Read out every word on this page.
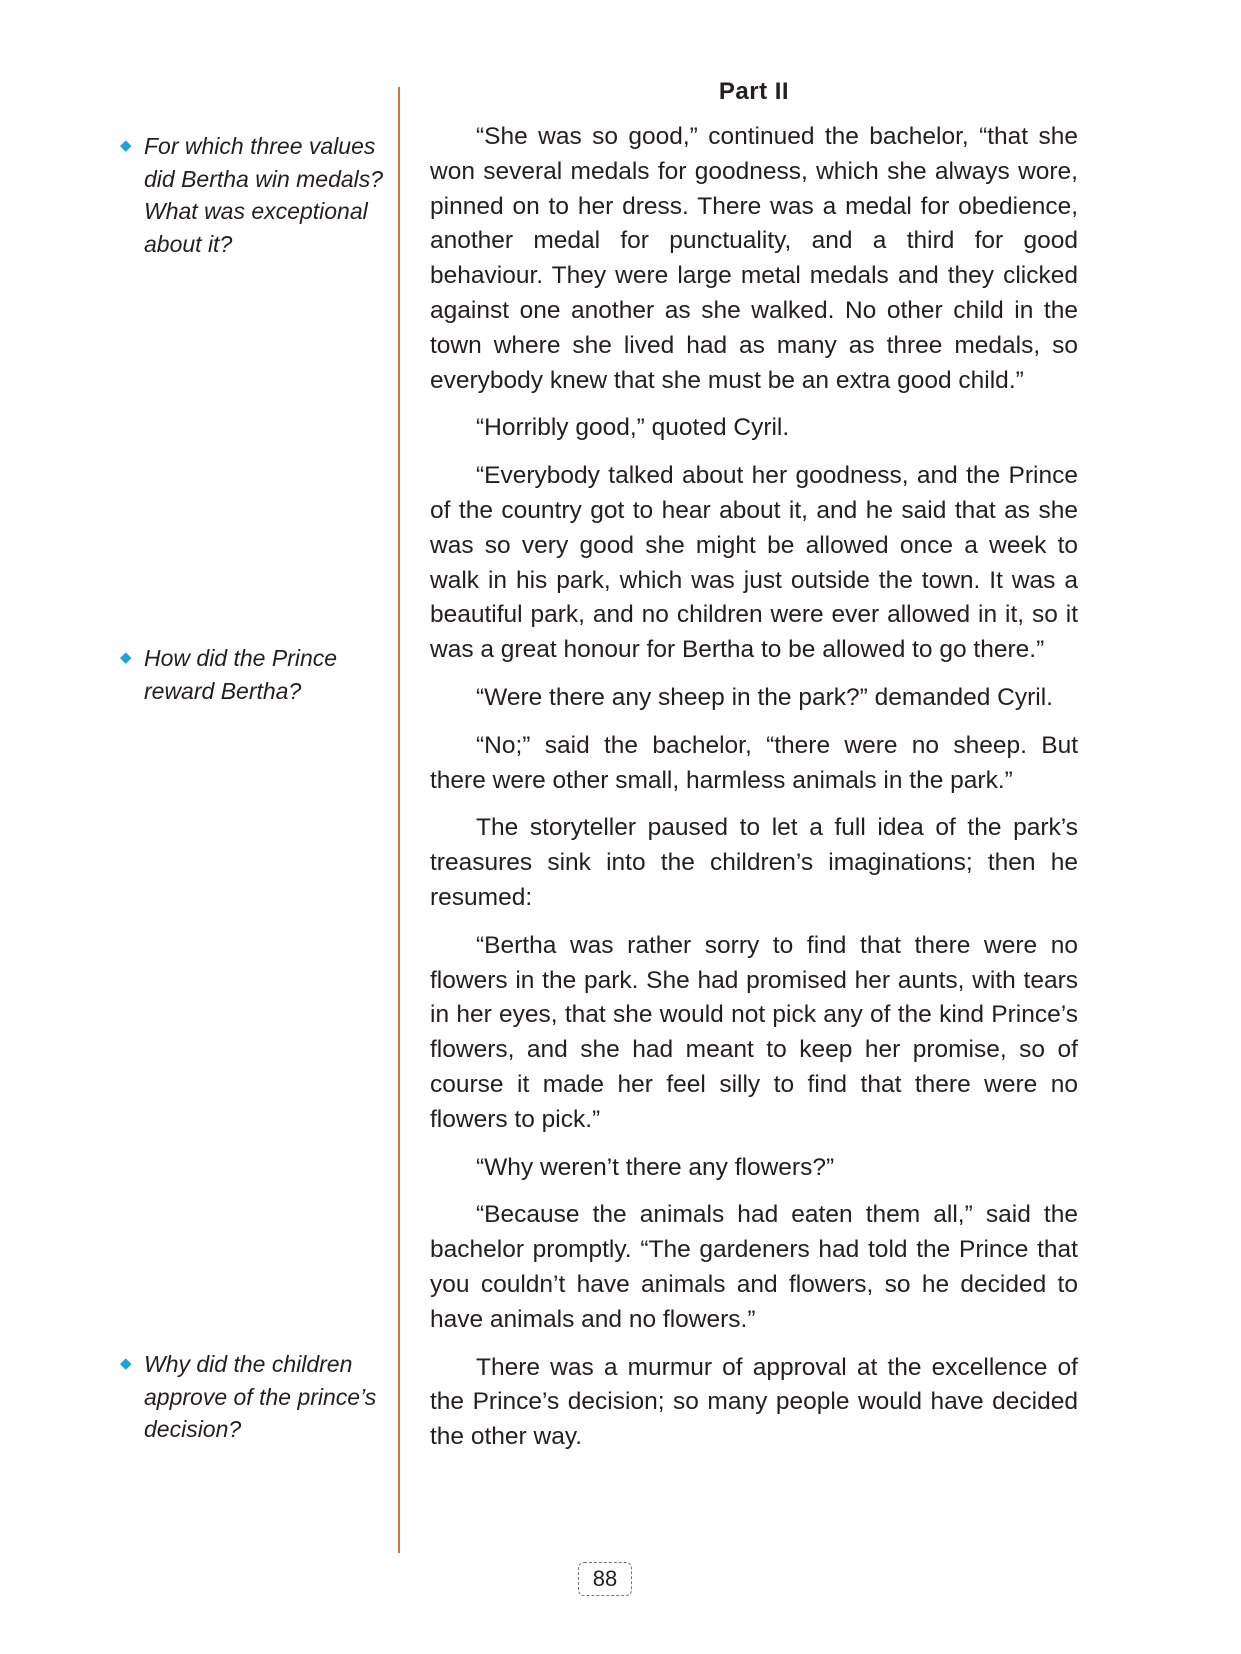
◆ For which three values did Bertha win medals? What was exceptional about it?
◆ How did the Prince reward Bertha?
◆ Why did the children approve of the prince’s decision?
Part II

“She was so good,” continued the bachelor, “that she won several medals for goodness, which she always wore, pinned on to her dress. There was a medal for obedience, another medal for punctuality, and a third for good behaviour. They were large metal medals and they clicked against one another as she walked. No other child in the town where she lived had as many as three medals, so everybody knew that she must be an extra good child.”

“Horribly good,” quoted Cyril.

“Everybody talked about her goodness, and the Prince of the country got to hear about it, and he said that as she was so very good she might be allowed once a week to walk in his park, which was just outside the town. It was a beautiful park, and no children were ever allowed in it, so it was a great honour for Bertha to be allowed to go there.”

“Were there any sheep in the park?” demanded Cyril.

“No;” said the bachelor, “there were no sheep. But there were other small, harmless animals in the park.”

The storyteller paused to let a full idea of the park’s treasures sink into the children’s imaginations; then he resumed:

“Bertha was rather sorry to find that there were no flowers in the park. She had promised her aunts, with tears in her eyes, that she would not pick any of the kind Prince’s flowers, and she had meant to keep her promise, so of course it made her feel silly to find that there were no flowers to pick.”

“Why weren’t there any flowers?”

“Because the animals had eaten them all,” said the bachelor promptly. “The gardeners had told the Prince that you couldn’t have animals and flowers, so he decided to have animals and no flowers.”

There was a murmur of approval at the excellence of the Prince’s decision; so many people would have decided the other way.

88
